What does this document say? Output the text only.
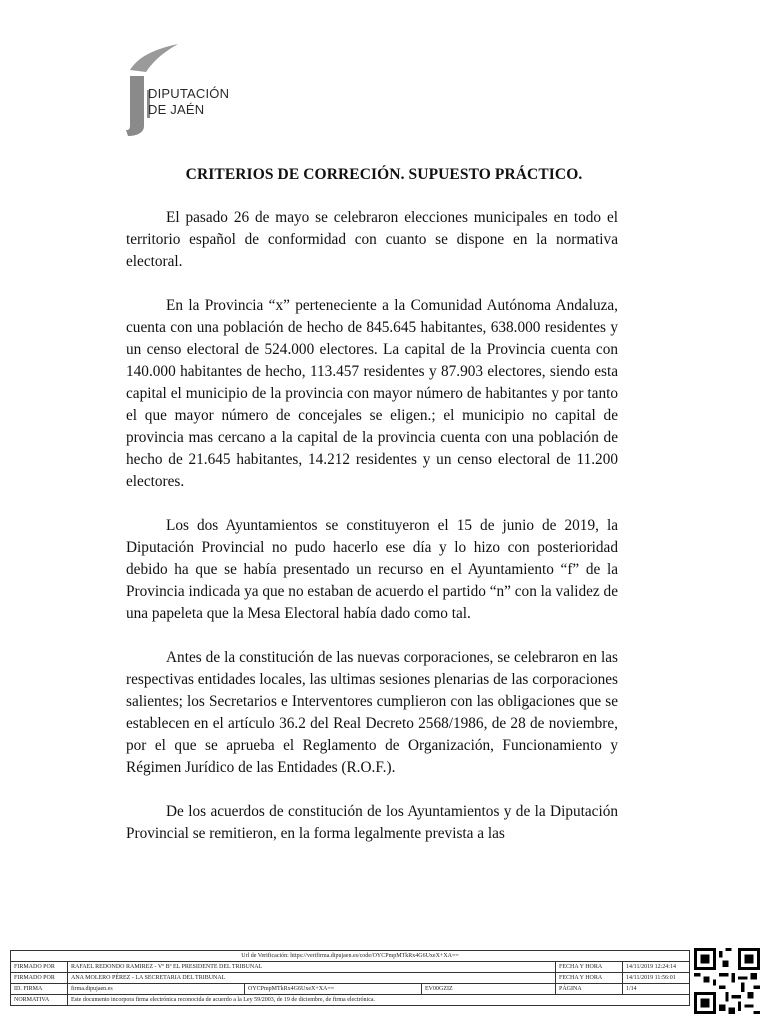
DIPUTACIÓN
DE JAÉN
CRITERIOS DE CORRECIÓN. SUPUESTO PRÁCTICO.

El pasado 26 de mayo se celebraron elecciones municipales en todo el territorio español de conformidad con cuanto se dispone en la normativa electoral.

En la Provincia “x” perteneciente a la Comunidad Autónoma Andaluza, cuenta con una población de hecho de 845.645 habitantes, 638.000 residentes y un censo electoral de 524.000 electores. La capital de la Provincia cuenta con 140.000 habitantes de hecho, 113.457 residentes y 87.903 electores, siendo esta capital el municipio de la provincia con mayor número de habitantes y por tanto el que mayor número de concejales se eligen.; el municipio no capital de provincia mas cercano a la capital de la provincia cuenta con una población de hecho de 21.645 habitantes, 14.212 residentes y un censo electoral de 11.200 electores.

Los dos Ayuntamientos se constituyeron el 15 de junio de 2019, la Diputación Provincial no pudo hacerlo ese día y lo hizo con posterioridad debido ha que se había presentado un recurso en el Ayuntamiento “f” de la Provincia indicada ya que no estaban de acuerdo el partido “n” con la validez de una papeleta que la Mesa Electoral había dado como tal.

Antes de la constitución de las nuevas corporaciones, se celebraron en las respectivas entidades locales, las ultimas sesiones plenarias de las corporaciones salientes; los Secretarios e Interventores cumplieron con las obligaciones que se establecen en el artículo 36.2 del Real Decreto 2568/1986, de 28 de noviembre, por el que se aprueba el Reglamento de Organización, Funcionamiento y Régimen Jurídico de las Entidades (R.O.F.).

De los acuerdos de constitución de los Ayuntamientos y de la Diputación Provincial se remitieron, en la forma legalmente prevista a las

Url de Verificación: https://verifirma.dipujaen.es/code/OYCPmpMTkRx4G6UxeX+XA==					
FIRMADO POR	RAFAEL REDONDO RAMIREZ - Vº Bº EL PRESIDENTE DEL TRIBUNAL			FECHA Y HORA	14/11/2019 12:24:14
FIRMADO POR	ANA MOLERO PÉREZ - LA SECRETARIA DEL TRIBUNAL			FECHA Y HORA	14/11/2019 11:56:01
ID. FIRMA	firma.dipujaen.es	OYCPmpMTkRx4G6UxeX+XA==	EV00GZIZ	PÁGINA	1/14
NORMATIVA	Este documento incorpora firma electrónica reconocida de acuerdo a la Ley 59/2003, de 19 de diciembre, de firma electrónica.				
